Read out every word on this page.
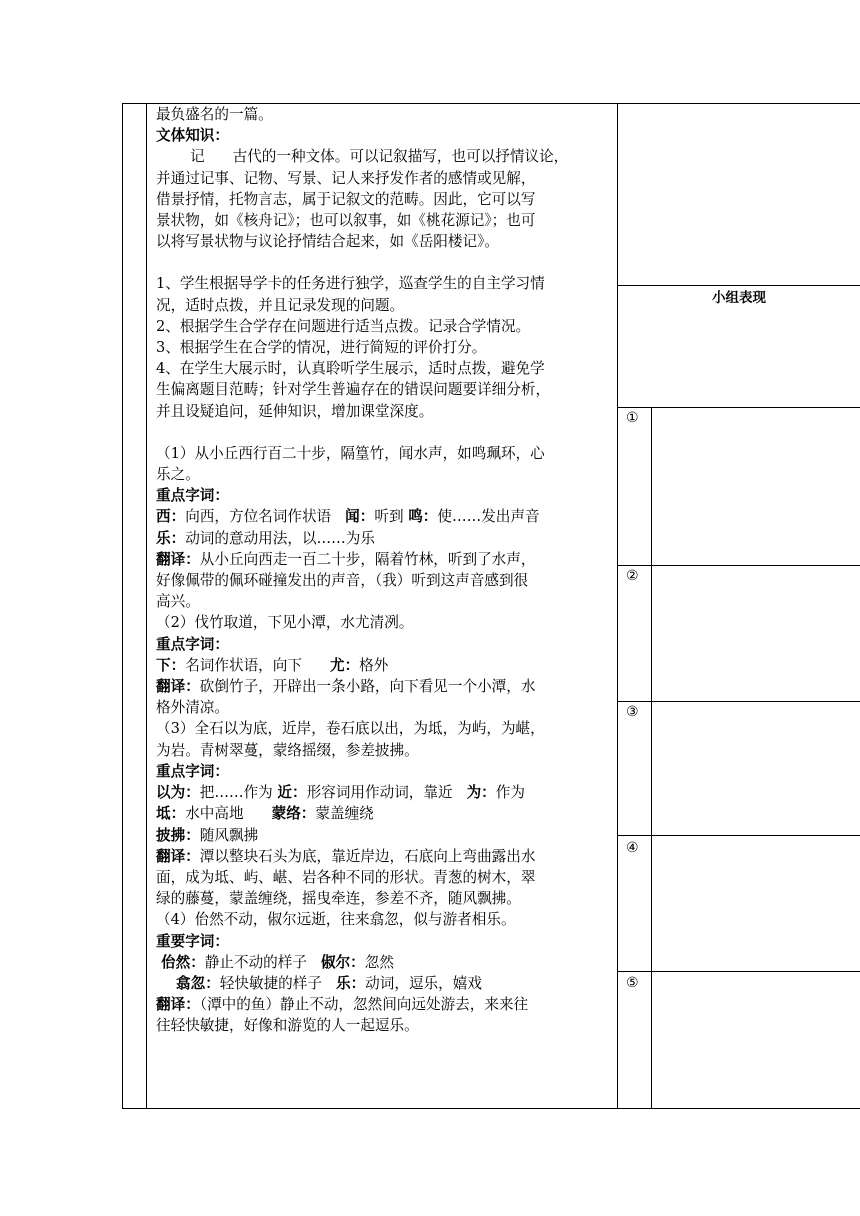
最负盛名的一篇。

文体知识：

记 古代的一种文体。可以记叙描写，也可以抒情议论，

并通过记事、记物、写景、记人来抒发作者的感情或见解，

借景抒情，托物言志，属于记叙文的范畴。因此，它可以写

景状物，如《核舟记》；也可以叙事，如《桃花源记》；也可

以将写景状物与议论抒情结合起来，如《岳阳楼记》。

1、学生根据导学卡的任务进行独学，巡查学生的自主学习情

况，适时点拨，并且记录发现的问题。

2、根据学生合学存在问题进行适当点拨。记录合学情况。

3、根据学生在合学的情况，进行简短的评价打分。

4、在学生大展示时，认真聆听学生展示，适时点拨，避免学

生偏离题目范畴；针对学生普遍存在的错误问题要详细分析，

并且设疑追问，延伸知识，增加课堂深度。

（1）从小丘西行百二十步，隔篁竹，闻水声，如鸣珮环，心

乐之。

重点字词：

西：向西，方位名词作状语 闻：听到 鸣：使……发出声音

乐：动词的意动用法，以……为乐

翻译：从小丘向西走一百二十步，隔着竹林，听到了水声，

好像佩带的佩环碰撞发出的声音，（我）听到这声音感到很

高兴。

（2）伐竹取道，下见小潭，水尤清冽。

重点字词：

下：名词作状语，向下 尤：格外

翻译：砍倒竹子，开辟出一条小路，向下看见一个小潭，水

格外清凉。

（3）全石以为底，近岸，卷石底以出，为坻，为屿，为嵁，

为岩。青树翠蔓，蒙络摇缀，参差披拂。

重点字词：

以为：把……作为 近：形容词用作动词，靠近 为：作为

坻：水中高地 蒙络：蒙盖缠绕

披拂：随风飘拂

翻译：潭以整块石头为底，靠近岸边，石底向上弯曲露出水

面，成为坻、屿、嵁、岩各种不同的形状。青葱的树木，翠

绿的藤蔓，蒙盖缠绕，摇曳牵连，参差不齐，随风飘拂。

（4）佁然不动，俶尔远逝，往来翕忽，似与游者相乐。

重要字词：

佁然：静止不动的样子 俶尔：忽然

翕忽：轻快敏捷的样子 乐：动词，逗乐，嬉戏

翻译：（潭中的鱼）静止不动，忽然间向远处游去，来来往

往轻快敏捷，好像和游览的人一起逗乐。

小组表现
①
②
③
④
⑤
